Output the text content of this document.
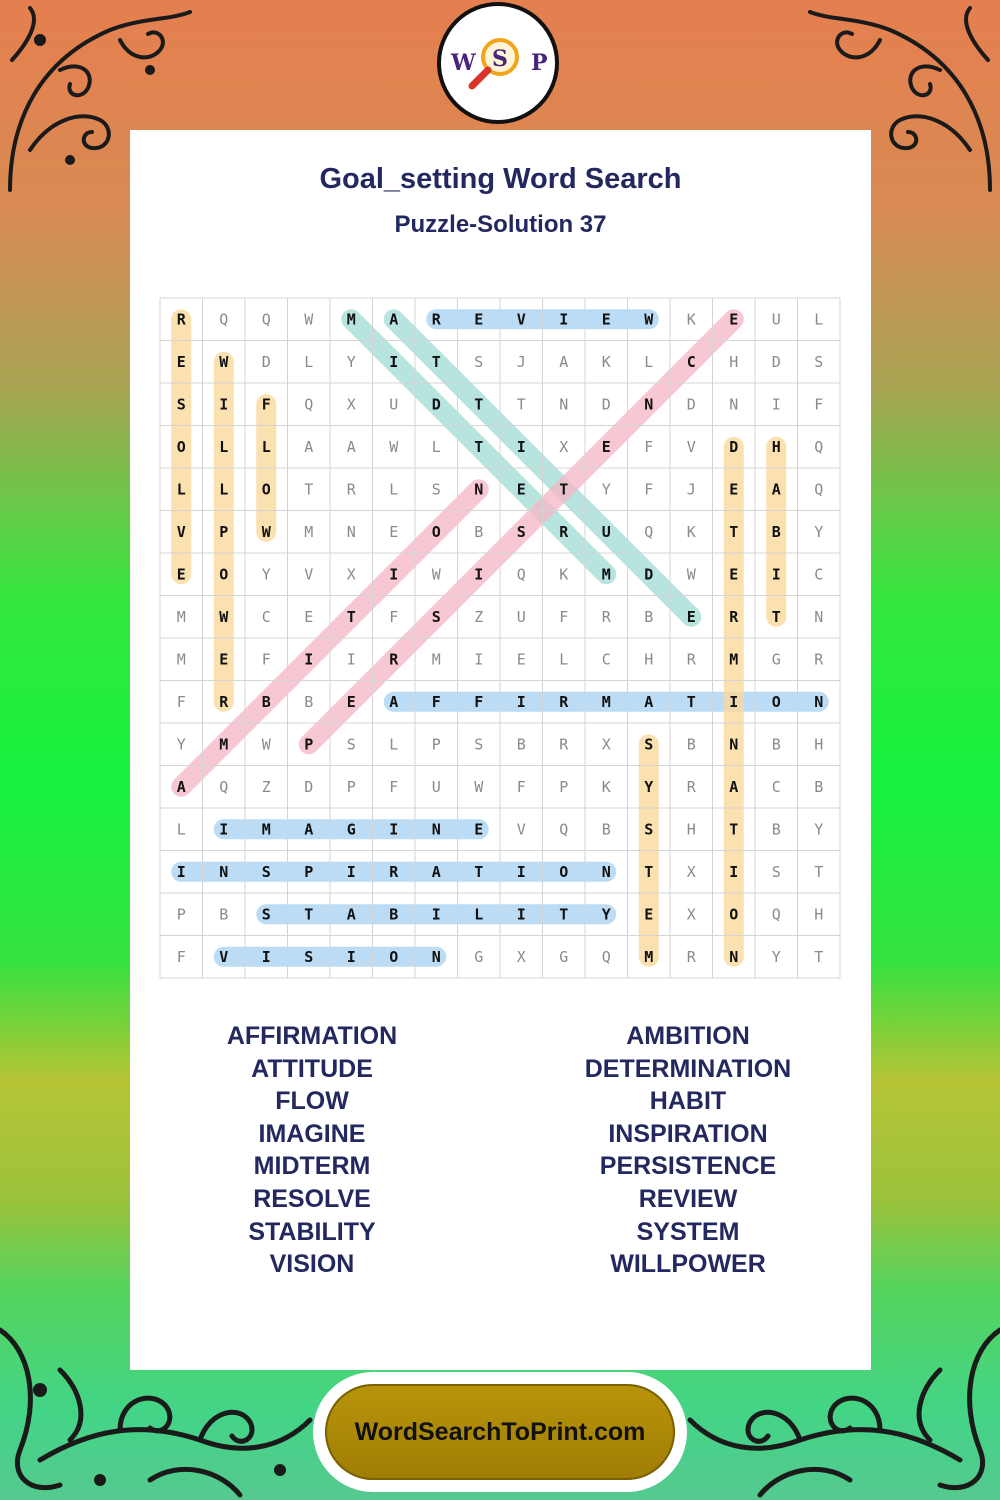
W S P
Goal_setting Word Search
Puzzle-Solution 37
R Q Q W M A R E V I E W K E U L
E W D L Y I T S J A K L C H D S
S I F Q X U D T T N D N D N I F
O L L A A W L T I X E F V D H Q
L L O T R L S N E T Y F J E A Q
V P W M N E O B S R U Q K T B Y
E O Y V X I W I Q K M D W E I C
M W C E T F S Z U F R B E R T N
M E F I I R M I E L C H R M G R
F R B B E A F F I R M A T I O N
Y M W P S L P S B R X S B N B H
A Q Z D P F U W F P K Y R A C B
L I M A G I N E V Q B S H T B Y
I N S P I R A T I O N T X I S T
P B S T A B I L I T Y E X O Q H
F V I S I O N G X G Q M R N Y T
AFFIRMATION
ATTITUDE
FLOW
IMAGINE
MIDTERM
RESOLVE
STABILITY
VISION
AMBITION
DETERMINATION
HABIT
INSPIRATION
PERSISTENCE
REVIEW
SYSTEM
WILLPOWER
WordSearchToPrint.com
